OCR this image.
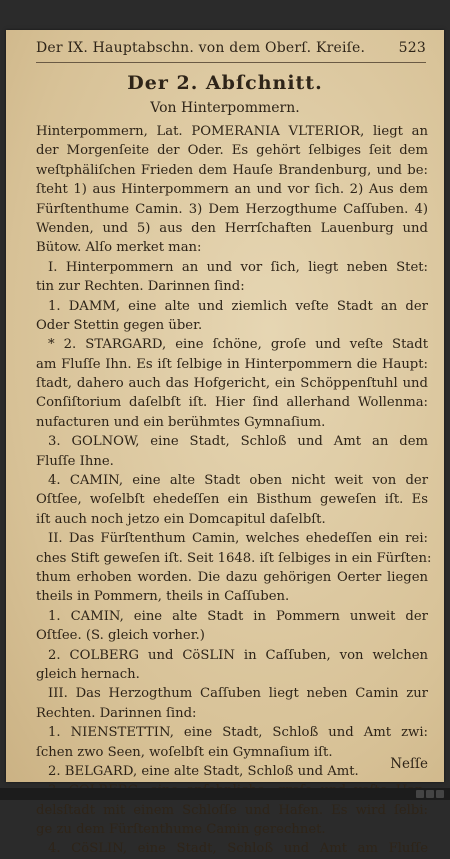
Der IX. Hauptabschn. von dem Oberſ. Kreiſe. 523
Der 2. Abſchnitt.
Von Hinterpommern.
Hinterpommern, Lat. POMERANIA VLTERIOR, liegt an
der Morgenſeite der Oder. Es gehört ſelbiges ſeit dem
weſtphäliſchen Frieden dem Hauſe Brandenburg, und be:
ſteht 1) aus Hinterpommern an und vor ſich. 2) Aus dem
Fürſtenthume Camin. 3) Dem Herzogthume Caſſuben. 4)
Wenden, und 5) aus den Herrſchaften Lauenburg und
Bütow. Alſo merket man:
I. Hinterpommern an und vor ſich, liegt neben Stet:
tin zur Rechten. Darinnen ſind:
1. DAMM, eine alte und ziemlich veſte Stadt an der
Oder Stettin gegen über.
* 2. STARGARD, eine ſchöne, groſe und veſte Stadt
am Fluſſe Ihn. Es iſt ſelbige in Hinterpommern die Haupt:
ſtadt, dahero auch das Hofgericht, ein Schöppenſtuhl und
Conſiſtorium daſelbſt iſt. Hier ſind allerhand Wollenma:
nufacturen und ein berühmtes Gymnaſium.
3. GOLNOW, eine Stadt, Schloß und Amt an dem
Fluſſe Ihne.
4. CAMIN, eine alte Stadt oben nicht weit von der
Oſtſee, woſelbſt ehedeſſen ein Bisthum geweſen iſt. Es
iſt auch noch jetzo ein Domcapitul daſelbſt.
II. Das Fürſtenthum Camin, welches ehedeſſen ein rei:
ches Stift geweſen iſt. Seit 1648. iſt ſelbiges in ein Fürſten:
thum erhoben worden. Die dazu gehörigen Oerter liegen
theils in Pommern, theils in Caſſuben.
1. CAMIN, eine alte Stadt in Pommern unweit der
Oſtſee. (S. gleich vorher.)
2. COLBERG und CöSLIN in Caſſuben, von welchen
gleich hernach.
III. Das Herzogthum Caſſuben liegt neben Camin zur
Rechten. Darinnen ſind:
1. NIENSTETTIN, eine Stadt, Schloß und Amt zwi:
ſchen zwo Seen, woſelbſt ein Gymnaſium iſt.
2. BELGARD, eine alte Stadt, Schloß und Amt.
delsſtadt mit einem Schloſſe und Hafen. Es wird ſelbi:
ge zu dem Fürſtenthume Camin gerechnet.
4. CöSLIN, eine Stadt, Schloß und Amt am Fluſſe
Neſſe
